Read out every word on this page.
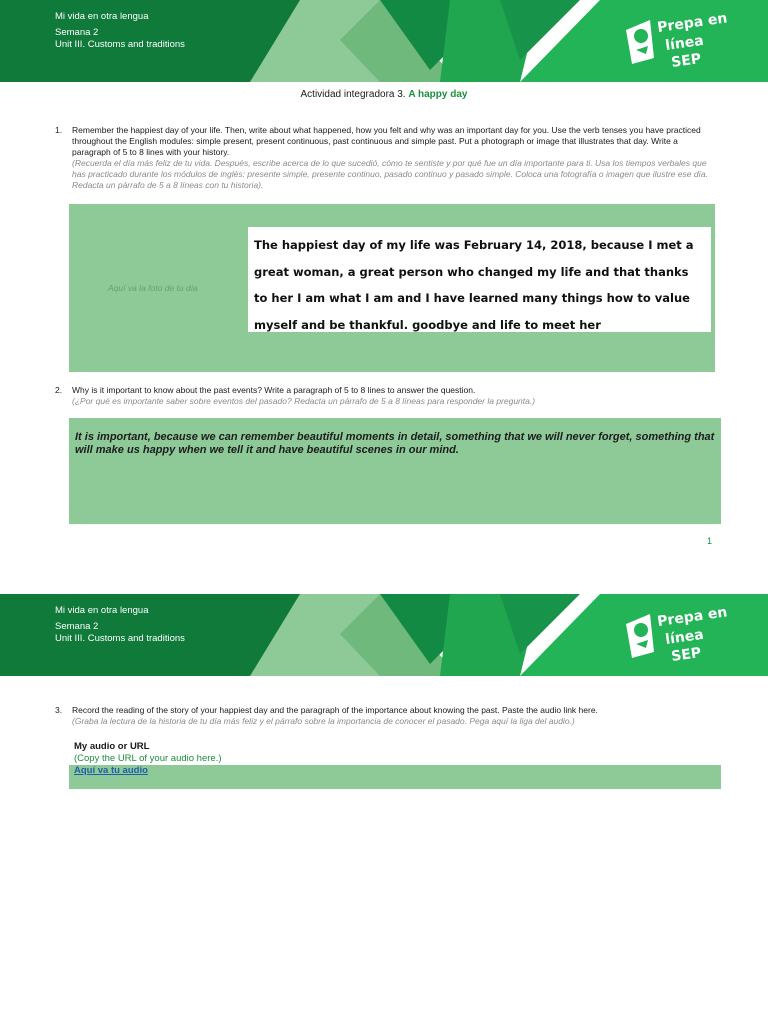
Mi vida en otra lengua
Semana 2
Unit III. Customs and traditions
Prepa en
línea
SEP
Actividad integradora 3. A happy day
1. Remember the happiest day of your life. Then, write about what happened, how you felt and why was an important day for you. Use the verb tenses you have practiced throughout the English modules: simple present, present continuous, past continuous and simple past. Put a photograph or image that illustrates that day. Write a paragraph of 5 to 8 lines with your history.
(Recuerda el día más feliz de tu vida. Después, escribe acerca de lo que sucedió, cómo te sentiste y por qué fue un día importante para ti. Usa los tiempos verbales que has practicado durante los módulos de inglés: presente simple, presente continuo, pasado continuo y pasado simple. Coloca una fotografía o imagen que ilustre ese día. Redacta un párrafo de 5 a 8 líneas con tu historia).
Aquí va la foto de tu día
The happiest day of my life was February 14, 2018, because I met a great woman, a great person who changed my life and that thanks to her I am what I am and I have learned many things how to value myself and be thankful. goodbye and life to meet her
2. Why is it important to know about the past events? Write a paragraph of 5 to 8 lines to answer the question.
(¿Por qué es importante saber sobre eventos del pasado? Redacta un párrafo de 5 a 8 líneas para responder la pregunta.)
It is important, because we can remember beautiful moments in detail, something that we will never forget, something that will make us happy when we tell it and have beautiful scenes in our mind.
1
Mi vida en otra lengua
Semana 2
Unit III. Customs and traditions
Prepa en
línea
SEP
3. Record the reading of the story of your happiest day and the paragraph of the importance about knowing the past. Paste the audio link here.
(Graba la lectura de la historia de tu día más feliz y el párrafo sobre la importancia de conocer el pasado. Pega aquí la liga del audio.)
My audio or URL
(Copy the URL of your audio here.)
Aquí va tu audio
